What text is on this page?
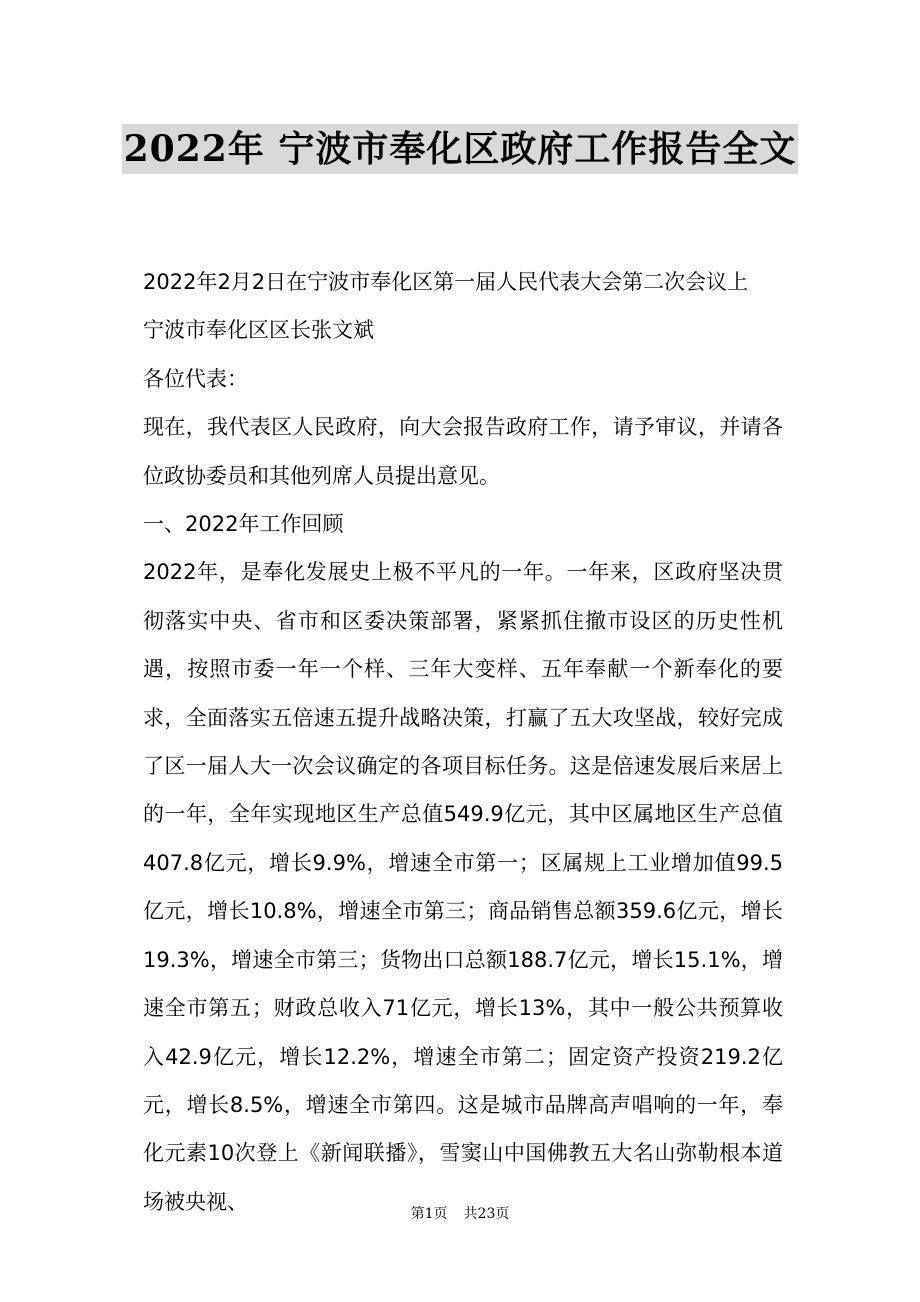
2022年 宁波市奉化区政府工作报告全文

2022年2月2日在宁波市奉化区第一届人民代表大会第二次会议上

宁波市奉化区区长张文斌

各位代表：

现在，我代表区人民政府，向大会报告政府工作，请予审议，并请各位政协委员和其他列席人员提出意见。

一、2022年工作回顾

2022年，是奉化发展史上极不平凡的一年。一年来，区政府坚决贯彻落实中央、省市和区委决策部署，紧紧抓住撤市设区的历史性机遇，按照市委一年一个样、三年大变样、五年奉献一个新奉化的要求，全面落实五倍速五提升战略决策，打赢了五大攻坚战，较好完成了区一届人大一次会议确定的各项目标任务。这是倍速发展后来居上的一年，全年实现地区生产总值549.9亿元，其中区属地区生产总值407.8亿元，增长9.9%，增速全市第一；区属规上工业增加值99.5亿元，增长10.8%，增速全市第三；商品销售总额359.6亿元，增长19.3%，增速全市第三；货物出口总额188.7亿元，增长15.1%，增速全市第五；财政总收入71亿元，增长13%，其中一般公共预算收入42.9亿元，增长12.2%，增速全市第二；固定资产投资219.2亿元，增长8.5%，增速全市第四。这是城市品牌高声唱响的一年，奉化元素10次登上《新闻联播》，雪窦山中国佛教五大名山弥勒根本道场被央视、

第1页 共23页
